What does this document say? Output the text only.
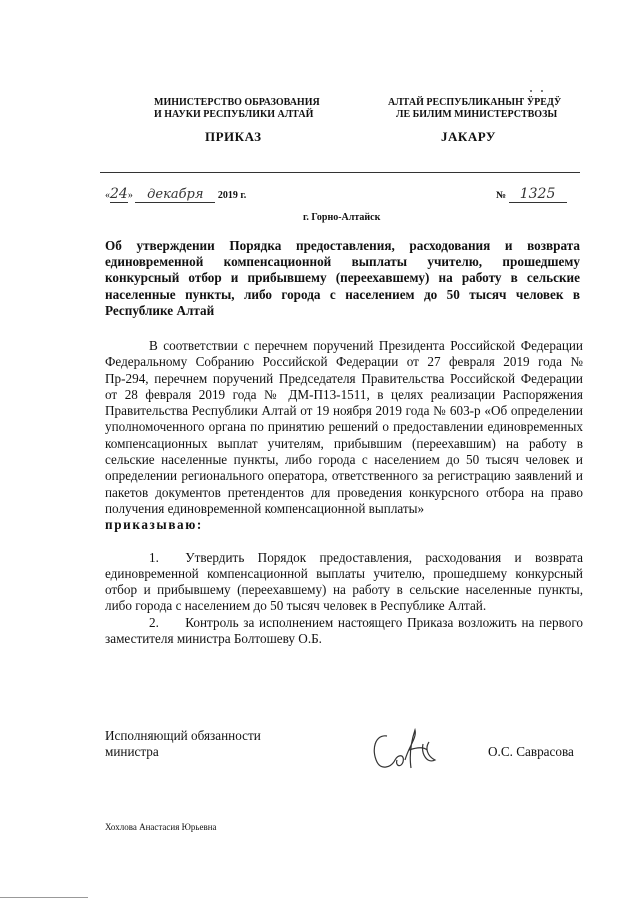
МИНИСТЕРСТВО ОБРАЗОВАНИЯ
И НАУКИ РЕСПУБЛИКИ АЛТАЙ
АЛТАЙ РЕСПУБЛИКАНЫҤ ӰРЕДӰ
ЛЕ БИЛИМ МИНИСТЕРСТВОЗЫ
ПРИКАЗ	JАКАРУ
«24» декабря 2019 г.	№ 1325
г. Горно-Алтайск
Об утверждении Порядка предоставления, расходования и возврата единовременной компенсационной выплаты учителю, прошедшему конкурсный отбор и прибывшему (переехавшему) на работу в сельские населенные пункты, либо города с населением до 50 тысяч человек в Республике Алтай

В соответствии с перечнем поручений Президента Российской Федерации Федеральному Собранию Российской Федерации от 27 февраля 2019 года № Пр-294, перечнем поручений Председателя Правительства Российской Федерации от 28 февраля 2019 года № ДМ-П13-1511, в целях реализации Распоряжения Правительства Республики Алтай от 19 ноября 2019 года № 603-р «Об определении уполномоченного органа по принятию решений о предоставлении единовременных компенсационных выплат учителям, прибывшим (переехавшим) на работу в сельские населенные пункты, либо города с населением до 50 тысяч человек и определении регионального оператора, ответственного за регистрацию заявлений и пакетов документов претендентов для проведения конкурсного отбора на право получения единовременной компенсационной выплаты»

приказываю:

1.  Утвердить Порядок предоставления, расходования и возврата единовременной компенсационной выплаты учителю, прошедшему конкурсный отбор и прибывшему (переехавшему) на работу в сельские населенные пункты, либо города с населением до 50 тысяч человек в Республике Алтай.

2.  Контроль за исполнением настоящего Приказа возложить на первого заместителя министра Болтошеву О.Б.

Исполняющий обязанности
министра	О.С. Саврасова
Хохлова Анастасия Юрьевна
